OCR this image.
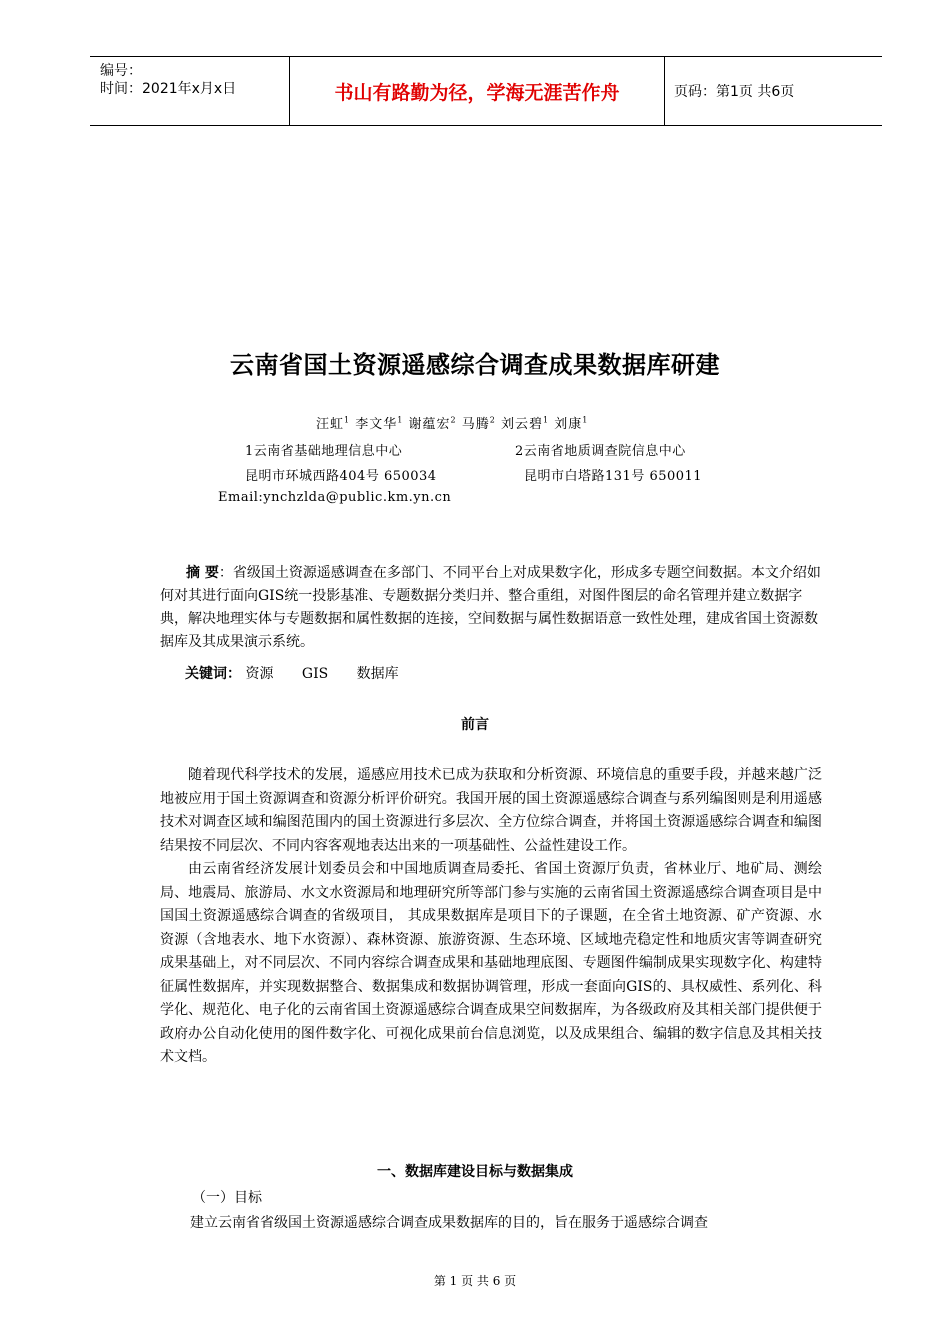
编号：
时间：2021年x月x日	书山有路勤为径，学海无涯苦作舟	页码：第1页 共6页
云南省国土资源遥感综合调查成果数据库研建
汪虹$^1$ 李文华$^1$ 谢蕴宏$^2$ 马腾$^2$ 刘云碧$^1$ 刘康$^1$
1云南省基础地理信息中心	2云南省地质调查院信息中心
昆明市环城西路404号 650034	昆明市白塔路131号 650011
Email:ynchzlda@public.km.yn.cn
摘 要：省级国土资源遥感调查在多部门、不同平台上对成果数字化，形成多专题空间数据。本文介绍如何对其进行面向GIS统一投影基准、专题数据分类归并、整合重组，对图件图层的命名管理并建立数据字典，解决地理实体与专题数据和属性数据的连接，空间数据与属性数据语意一致性处理，建成省国土资源数据库及其成果演示系统。
关键词： 资源 GIS 数据库
前言

随着现代科学技术的发展，遥感应用技术已成为获取和分析资源、环境信息的重要手段，并越来越广泛地被应用于国土资源调查和资源分析评价研究。我国开展的国土资源遥感综合调查与系列编图则是利用遥感技术对调查区域和编图范围内的国土资源进行多层次、全方位综合调查，并将国土资源遥感综合调查和编图结果按不同层次、不同内容客观地表达出来的一项基础性、公益性建设工作。

由云南省经济发展计划委员会和中国地质调查局委托、省国土资源厅负责，省林业厅、地矿局、测绘局、地震局、旅游局、水文水资源局和地理研究所等部门参与实施的云南省国土资源遥感综合调查项目是中国国土资源遥感综合调查的省级项目， 其成果数据库是项目下的子课题，在全省土地资源、矿产资源、水资源（含地表水、地下水资源）、森林资源、旅游资源、生态环境、区域地壳稳定性和地质灾害等调查研究成果基础上，对不同层次、不同内容综合调查成果和基础地理底图、专题图件编制成果实现数字化、构建特征属性数据库，并实现数据整合、数据集成和数据协调管理，形成一套面向GIS的、具权威性、系列化、科学化、规范化、电子化的云南省国土资源遥感综合调查成果空间数据库，为各级政府及其相关部门提供便于政府办公自动化使用的图件数字化、可视化成果前台信息浏览，以及成果组合、编辑的数字信息及其相关技术文档。

一、数据库建设目标与数据集成
（一）目标
建立云南省省级国土资源遥感综合调查成果数据库的目的，旨在服务于遥感综合调查
第 1 页 共 6 页
